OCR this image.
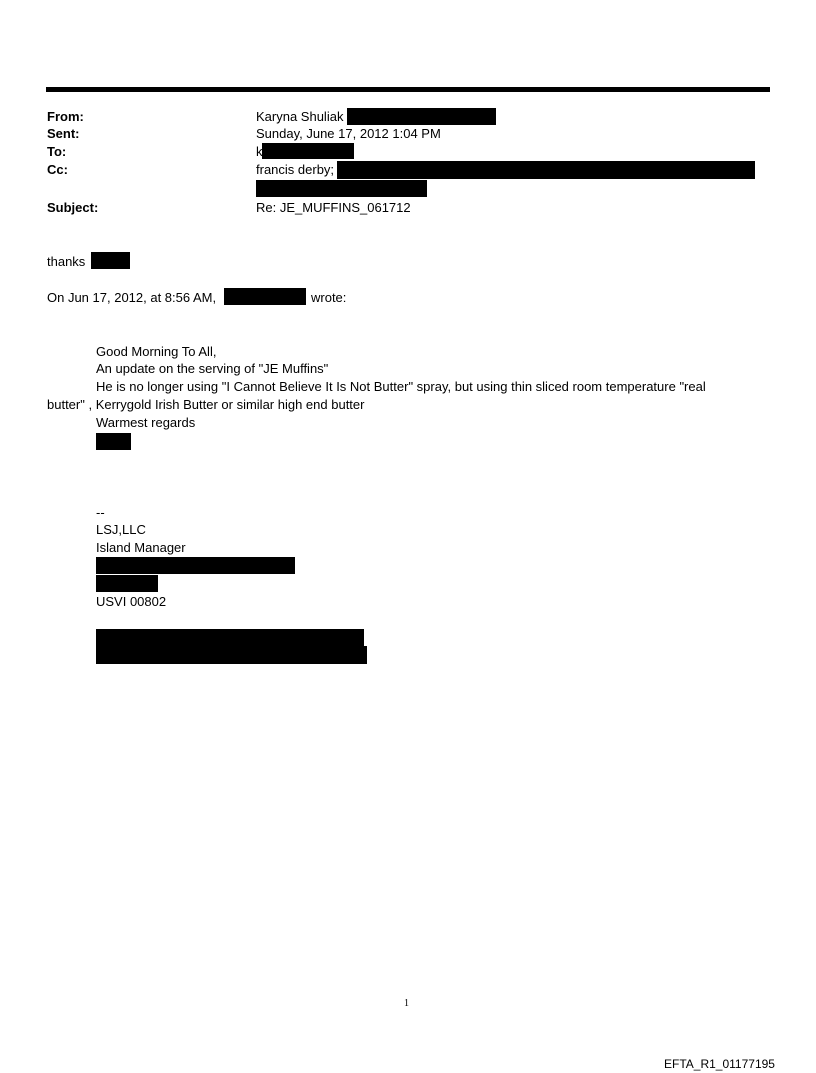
From:
Sent:
To:
Cc:
Subject:
Karyna Shuliak
Sunday, June 17, 2012 1:04 PM
k
francis derby;
Re: JE_MUFFINS_061712
thanks
On Jun 17, 2012, at 8:56 AM,	wrote:
Good Morning To All,
An update on the serving of "JE Muffins"
He is no longer using "I Cannot Believe It Is Not Butter" spray, but using thin sliced room temperature "real
butter" , Kerrygold Irish Butter or similar high end butter
Warmest regards
--
LSJ,LLC
Island Manager
USVI 00802
1
EFTA_R1_01177195
